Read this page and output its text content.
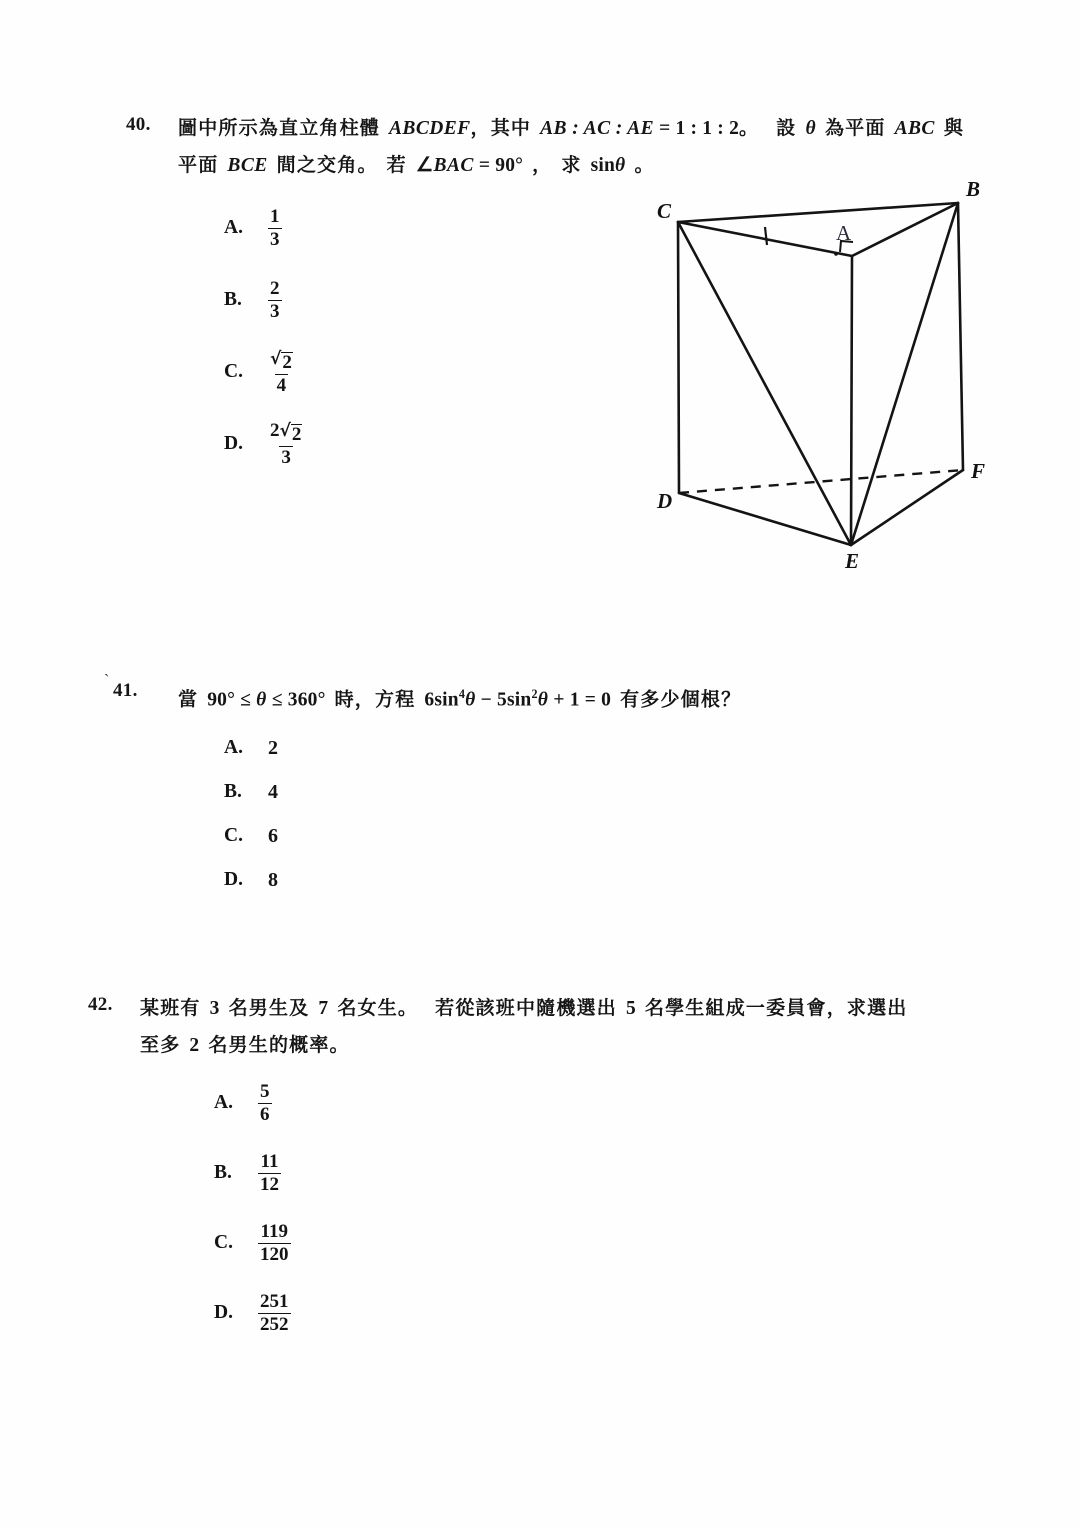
40. 圖中所示為直立角柱體 ABCDEF，其中 AB : AC : AE = 1 : 1 : 2。 設 θ 為平面 ABC 與
平面 BCE 間之交角。 若 ∠BAC = 90° ， 求 sinθ 。
A.	$\frac{1}{3}$
B.	$\frac{2}{3}$
C.	$\frac{√ 2}{4}$
D.	$\frac{2 √ 2}{3}$
A
B
C
D
E
F
ˋ 41. 當 90° ≤ θ ≤ 360° 時，方程 $6\sin^4\theta - 5\sin^2\theta + 1 = 0$ 有多少個根？
A.	2
B.	4
C.	6
D.	8
42. 某班有 3 名男生及 7 名女生。 若從該班中隨機選出 5 名學生組成一委員會，求選出
至多 2 名男生的概率。
A.	$\frac{5}{6}$
B.	$\frac{11}{12}$
C.	$\frac{119}{120}$
D.	$\frac{251}{252}$
